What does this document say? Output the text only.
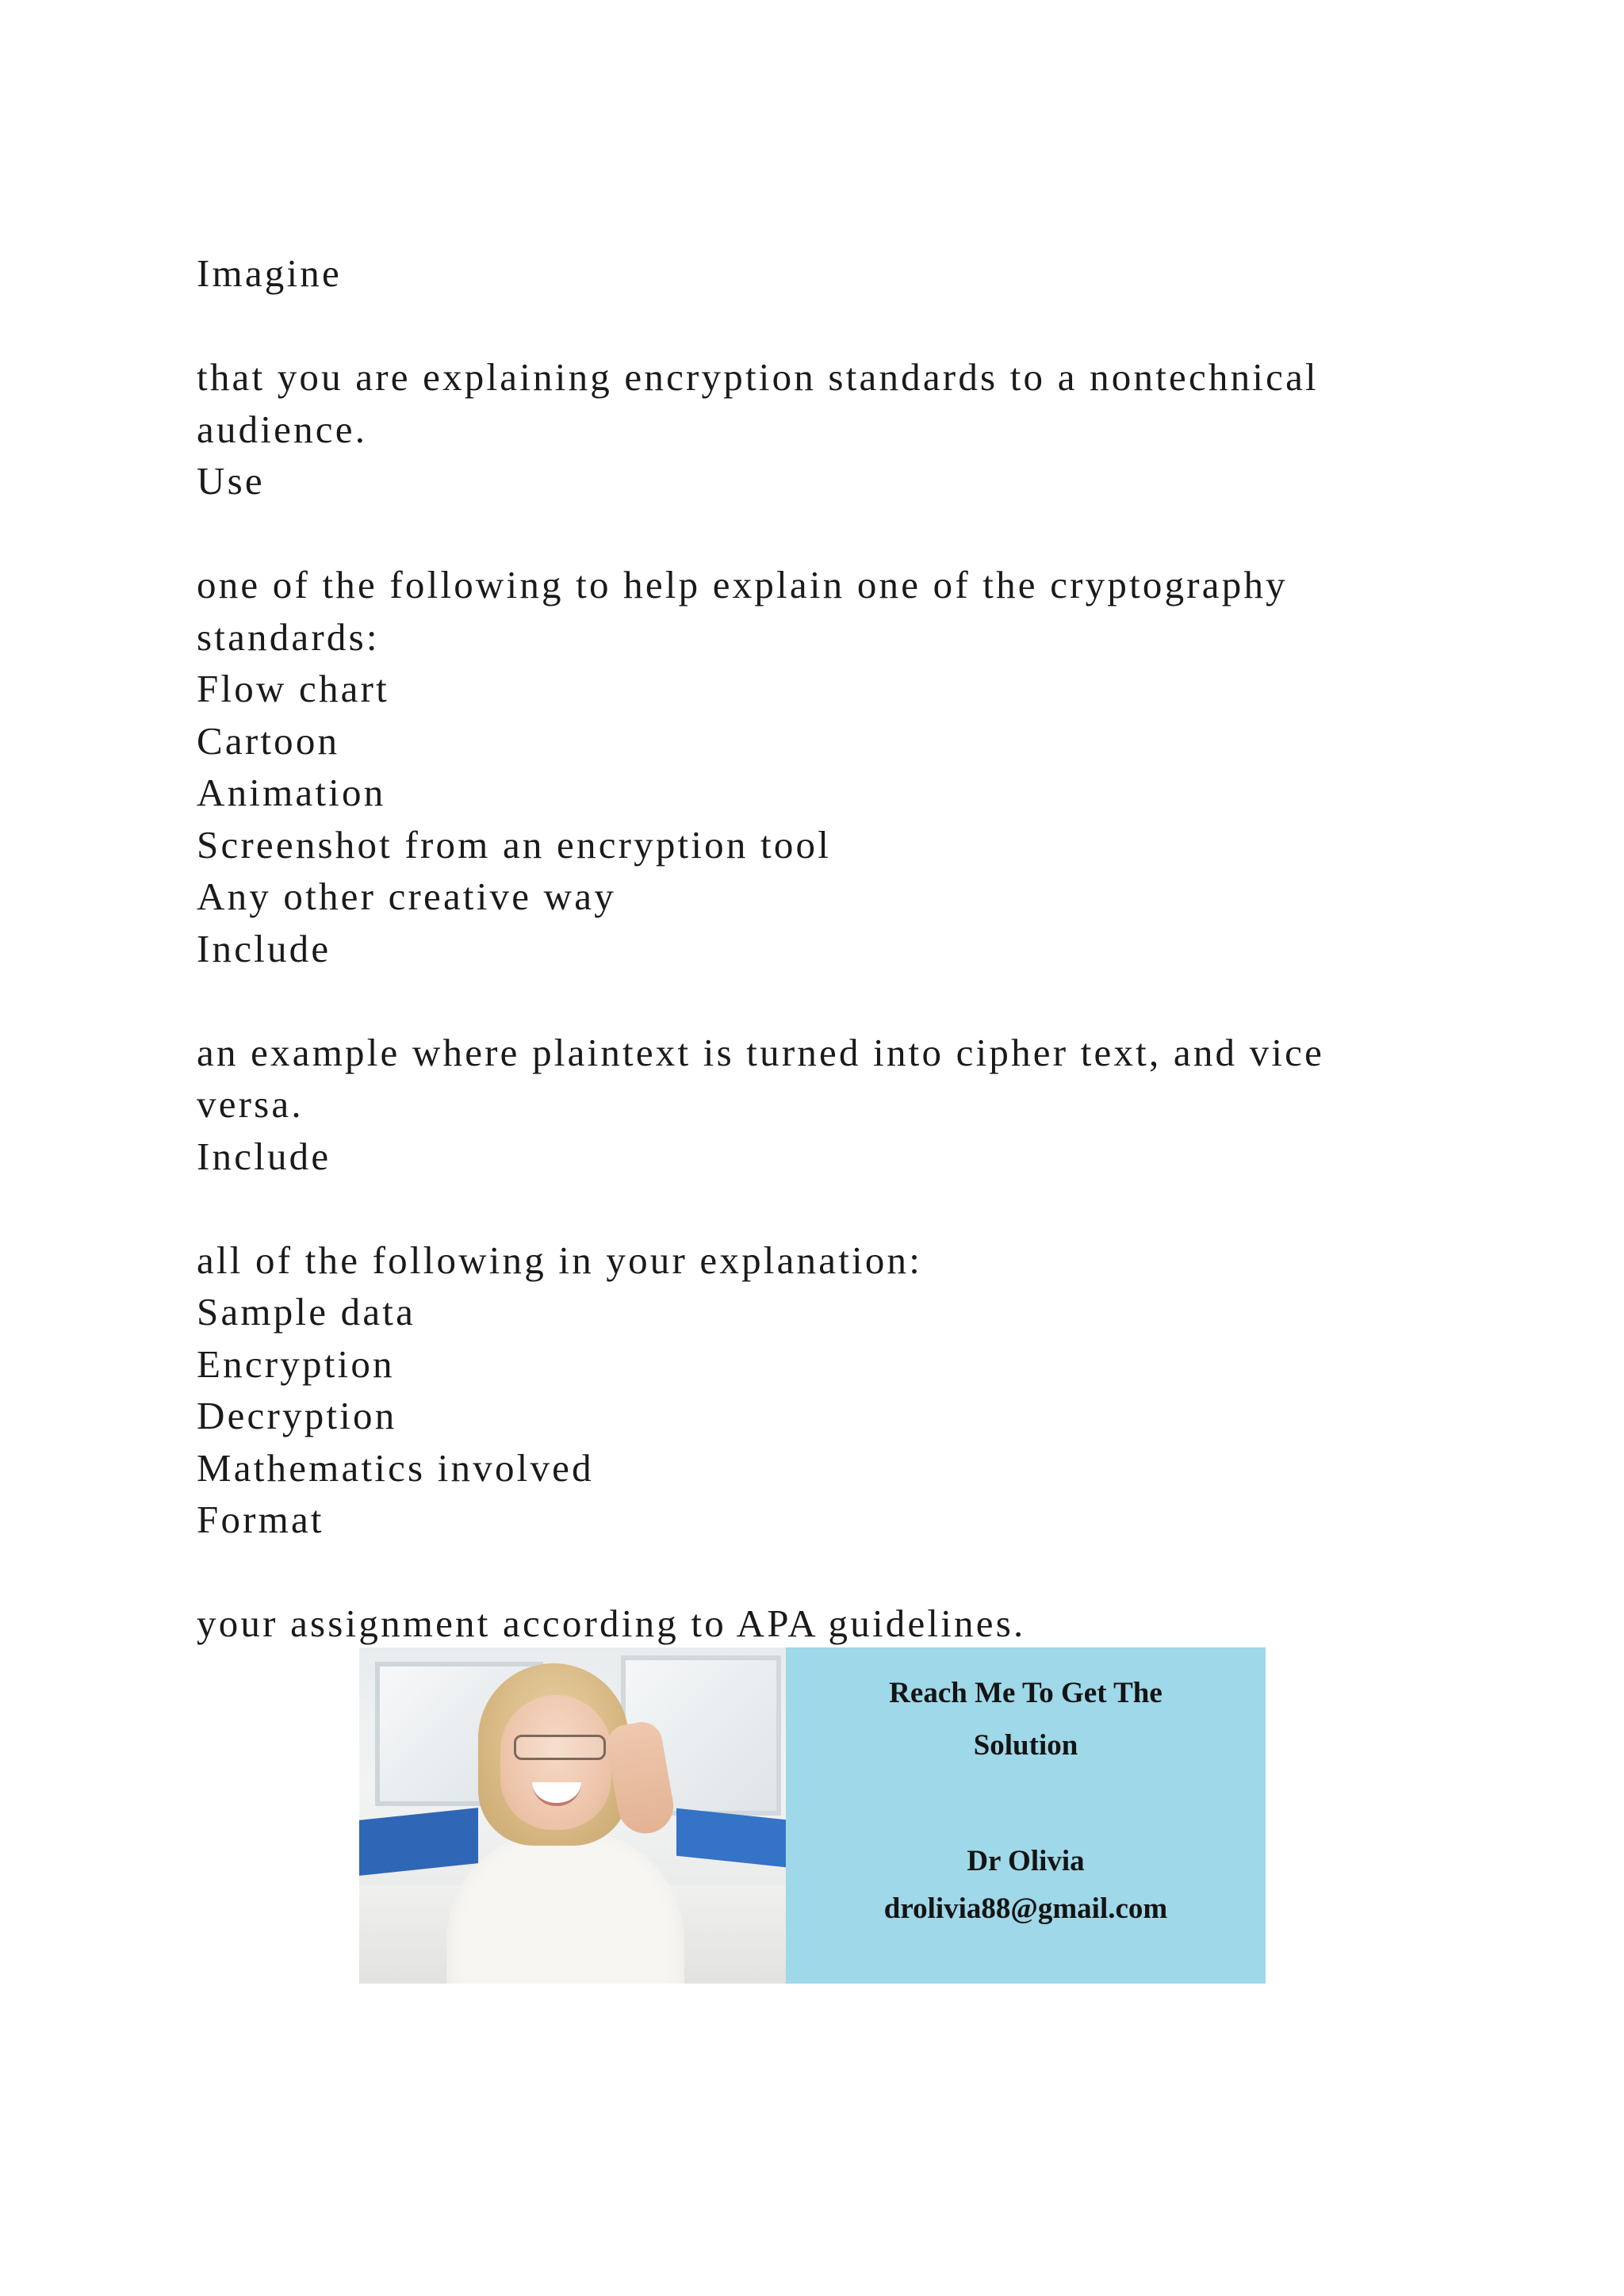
Imagine
that you are explaining encryption standards to a nontechnical
audience.
Use
one of the following to help explain one of the cryptography
standards:
Flow chart
Cartoon
Animation
Screenshot from an encryption tool
Any other creative way
Include
an example where plaintext is turned into cipher text, and vice
versa.
Include
all of the following in your explanation:
Sample data
Encryption
Decryption
Mathematics involved
Format
your assignment according to APA guidelines.
Reach Me To Get The
Solution
Dr Olivia
drolivia88@gmail.com
